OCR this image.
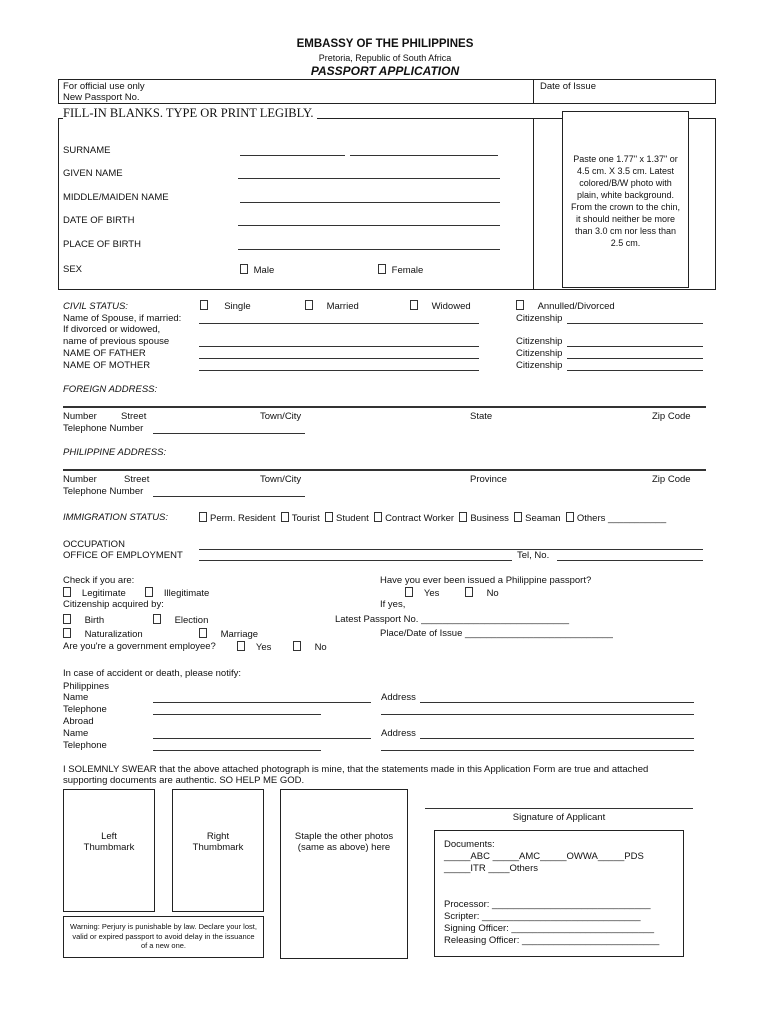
EMBASSY OF THE PHILIPPINES
Pretoria, Republic of South Africa
PASSPORT APPLICATION
For official use only
New Passport No.
Date of Issue
FILL-IN BLANKS. TYPE OR PRINT LEGIBLY.
SURNAME
GIVEN NAME
MIDDLE/MAIDEN NAME
DATE OF BIRTH
PLACE OF BIRTH
SEX	Male	Female
Paste one 1.77" x 1.37" or 4.5 cm. X 3.5 cm. Latest colored/B/W photo with plain, white background. From the crown to the chin, it should neither be more than 3.0 cm nor less than 2.5 cm.
CIVIL STATUS:	Single	Married	Widowed	Annulled/Divorced
Name of Spouse, if married:	Citizenship
If divorced or widowed,
name of previous spouse	Citizenship
NAME OF FATHER	Citizenship
NAME OF MOTHER	Citizenship
FOREIGN ADDRESS:
Number	Street	Town/City	State	Zip Code
Telephone Number
PHILIPPINE ADDRESS:
Number	Street	Town/City	Province	Zip Code
Telephone Number
IMMIGRATION STATUS:	Perm. Resident Tourist Student Contract Worker Business Seaman Others ___________
OCCUPATION
OFFICE OF EMPLOYMENT	Tel, No.
Check if you are:
Legitimate	Illegitimate
Citizenship acquired by:
Birth	Election
Naturalization	Marriage
Are you're a government employee?	Yes	No
Have you ever been issued a Philippine passport?
Yes	No
If yes,
Latest Passport No. ____________________________
Place/Date of Issue ____________________________
In case of accident or death, please notify:
Philippines
Name	Address
Telephone
Abroad
Name	Address
Telephone
I SOLEMNLY SWEAR that the above attached photograph is mine, that the statements made in this Application Form are true and attached
supporting documents are authentic. SO HELP ME GOD.
Left
Thumbmark
Right
Thumbmark
Staple the other photos
(same as above) here
Warning: Perjury is punishable by law. Declare your lost, valid or expired passport to avoid delay in the issuance of a new one.
Signature of Applicant
Documents:
_____ABC _____AMC_____OWWA_____PDS
_____ITR ____Others
Processor: ______________________________
Scripter: ______________________________
Signing Officer: ___________________________
Releasing Officer: __________________________
